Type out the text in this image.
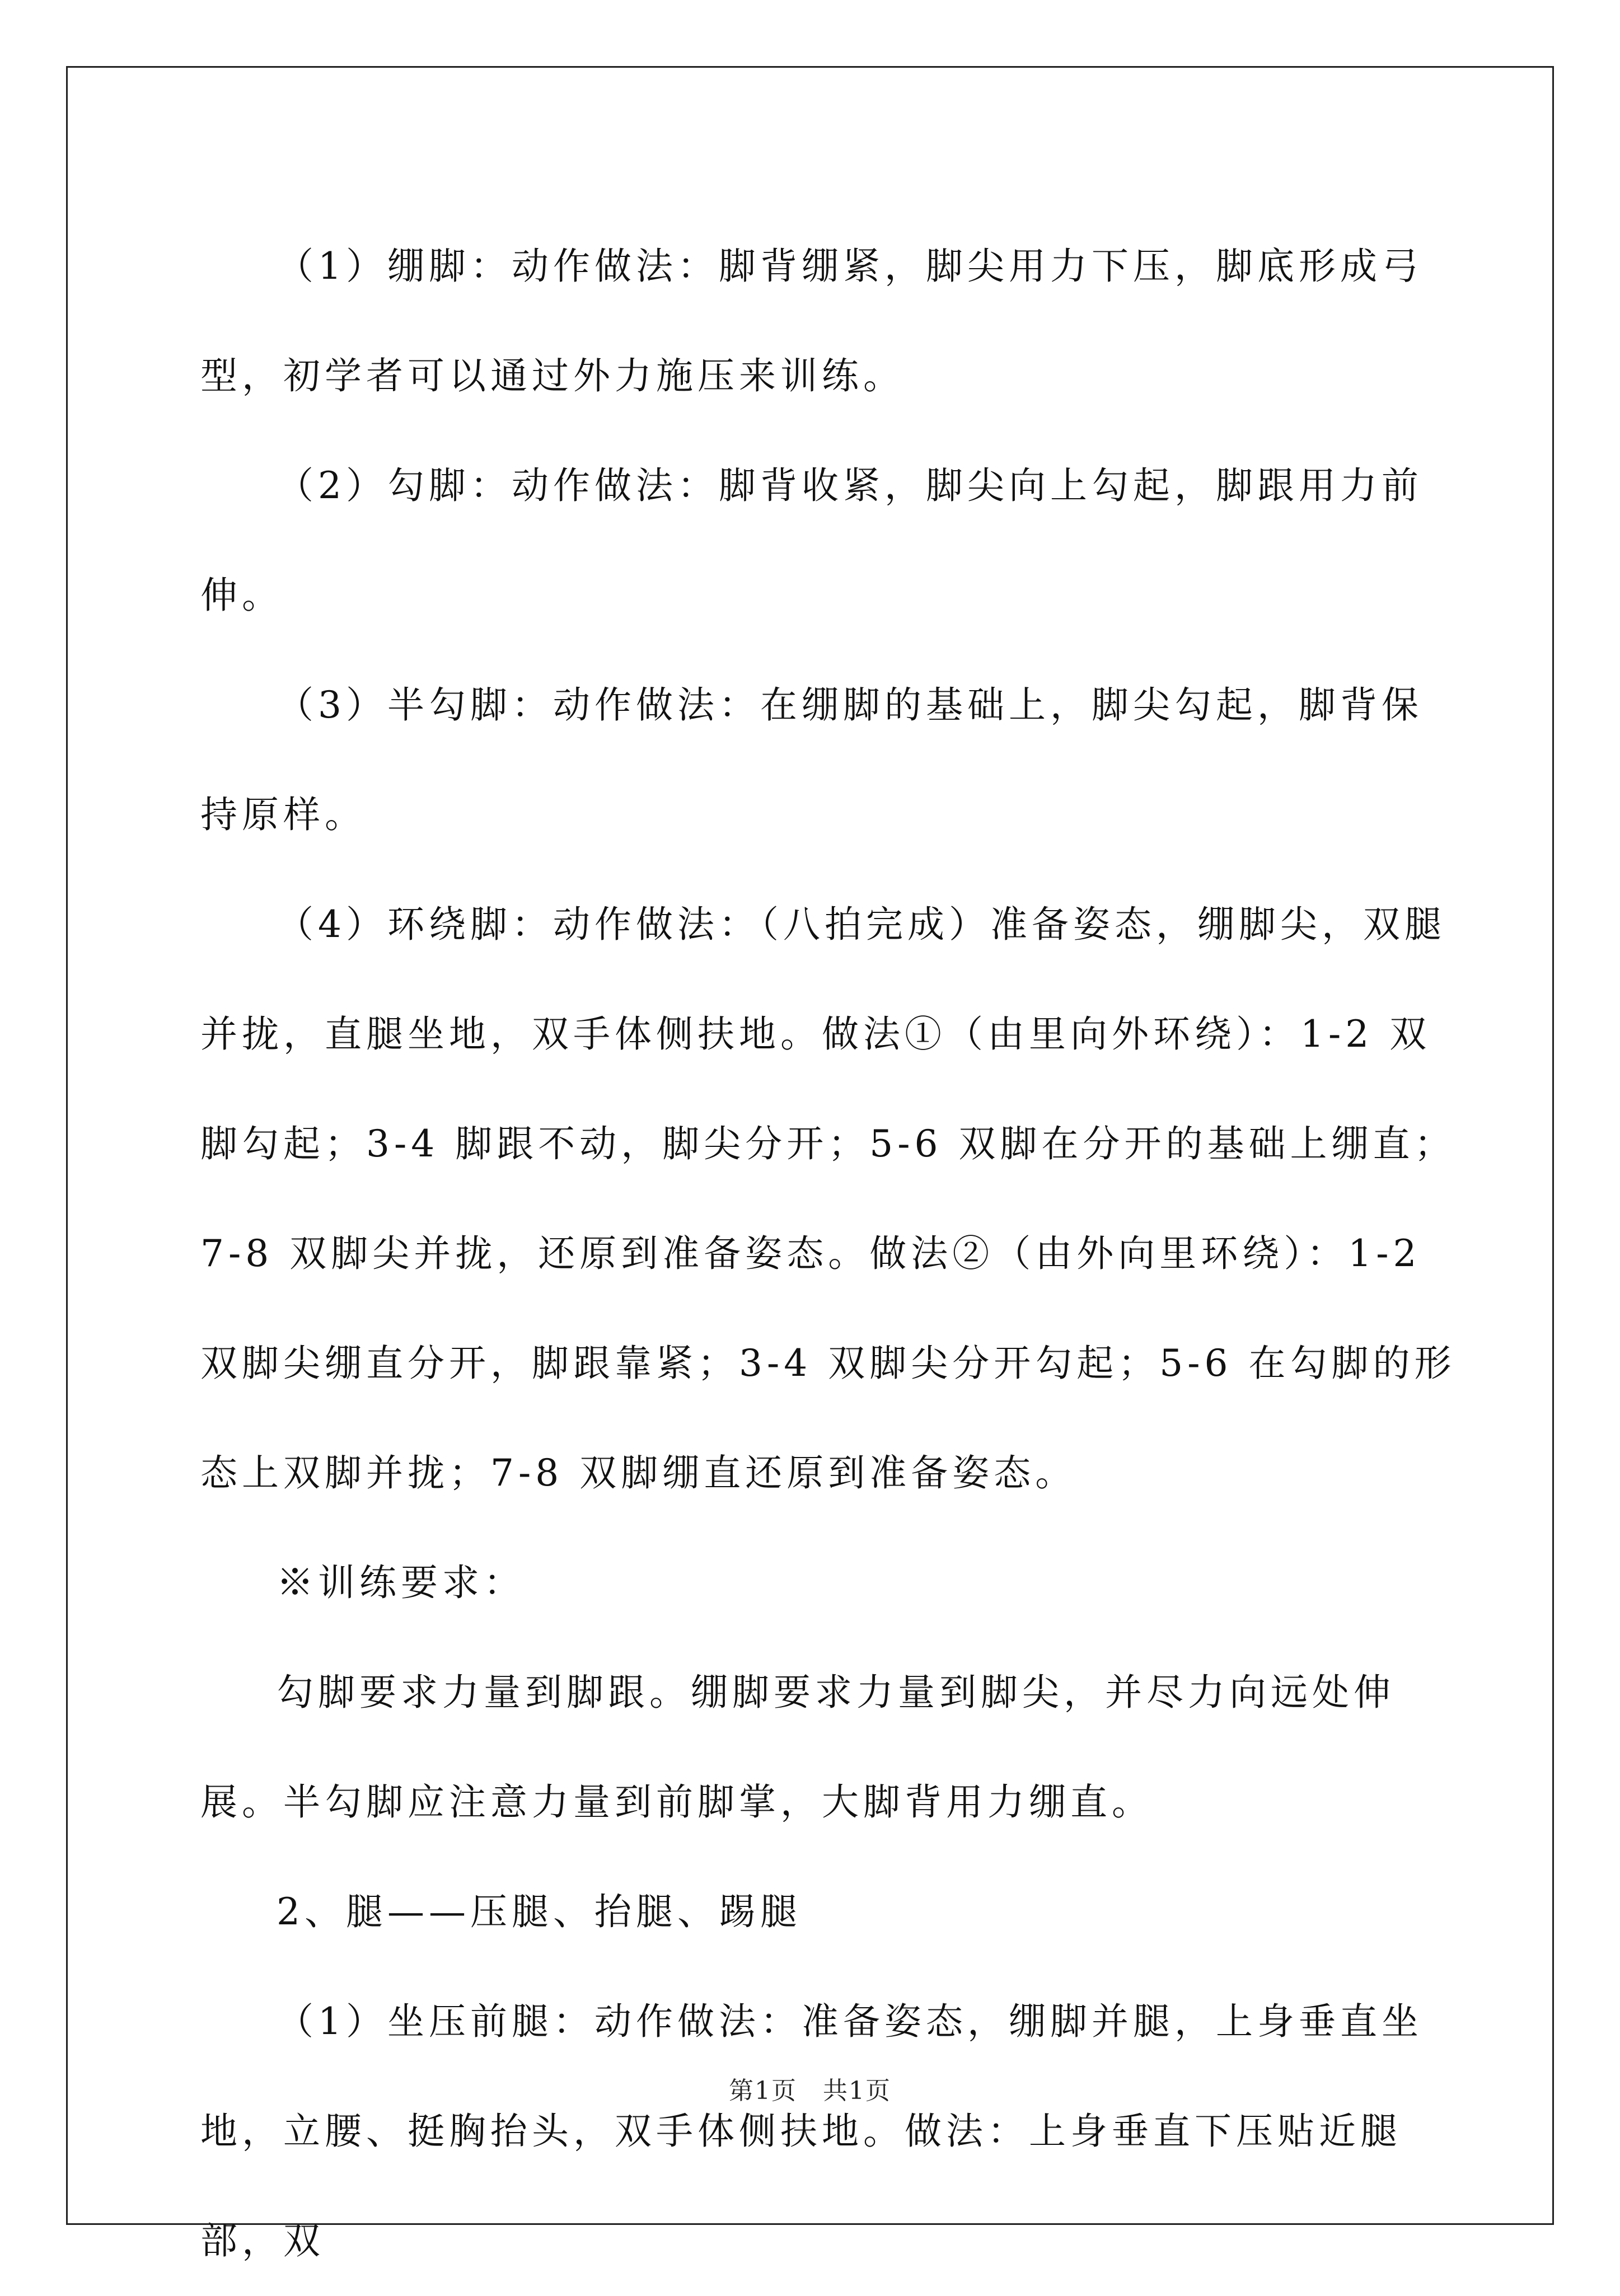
（1）绷脚：动作做法：脚背绷紧，脚尖用力下压，脚底形成弓型，初学者可以通过外力施压来训练。

（2）勾脚：动作做法：脚背收紧，脚尖向上勾起，脚跟用力前伸。

（3）半勾脚：动作做法：在绷脚的基础上，脚尖勾起，脚背保持原样。

（4）环绕脚：动作做法：（八拍完成）准备姿态，绷脚尖，双腿并拢，直腿坐地，双手体侧扶地。做法①（由里向外环绕）：1-2 双脚勾起；3-4 脚跟不动，脚尖分开；5-6 双脚在分开的基础上绷直；7-8 双脚尖并拢，还原到准备姿态。做法②（由外向里环绕）：1-2 双脚尖绷直分开，脚跟靠紧；3-4 双脚尖分开勾起；5-6 在勾脚的形态上双脚并拢；7-8 双脚绷直还原到准备姿态。

※训练要求：

勾脚要求力量到脚跟。绷脚要求力量到脚尖，并尽力向远处伸展。半勾脚应注意力量到前脚掌，大脚背用力绷直。

2、腿——压腿、抬腿、踢腿

（1）坐压前腿：动作做法：准备姿态，绷脚并腿，上身垂直坐地，立腰、挺胸抬头，双手体侧扶地。做法：上身垂直下压贴近腿部，双

第1页　共1页
